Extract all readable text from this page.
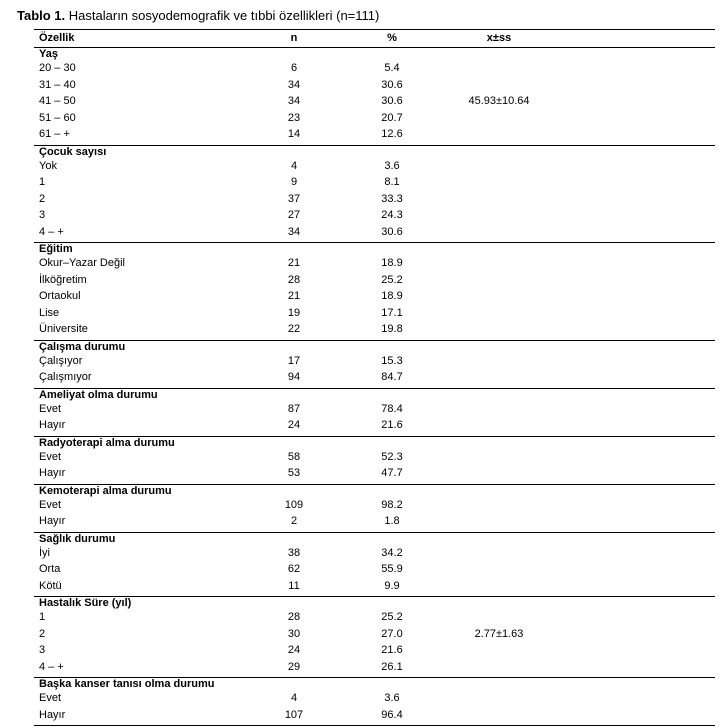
Tablo 1. Hastaların sosyodemografik ve tıbbi özellikleri (n=111)
Özellik	n	%	x±ss
Yaş
20 – 30	6	5.4
31 – 40	34	30.6
41 – 50	34	30.6	45.93±10.64
51 – 60	23	20.7
61 – +	14	12.6
Çocuk sayısı
Yok	4	3.6
1	9	8.1
2	37	33.3
3	27	24.3
4 – +	34	30.6
Eğitim
Okur–Yazar Değil	21	18.9
İlköğretim	28	25.2
Ortaokul	21	18.9
Lise	19	17.1
Üniversite	22	19.8
Çalışma durumu
Çalışıyor	17	15.3
Çalışmıyor	94	84.7
Ameliyat olma durumu
Evet	87	78.4
Hayır	24	21.6
Radyoterapi alma durumu
Evet	58	52.3
Hayır	53	47.7
Kemoterapi alma durumu
Evet	109	98.2
Hayır	2	1.8
Sağlık durumu
İyi	38	34.2
Orta	62	55.9
Kötü	11	9.9
Hastalık Süre (yıl)
1	28	25.2
2	30	27.0	2.77±1.63
3	24	21.6
4 – +	29	26.1
Başka kanser tanısı olma durumu
Evet	4	3.6
Hayır	107	96.4
